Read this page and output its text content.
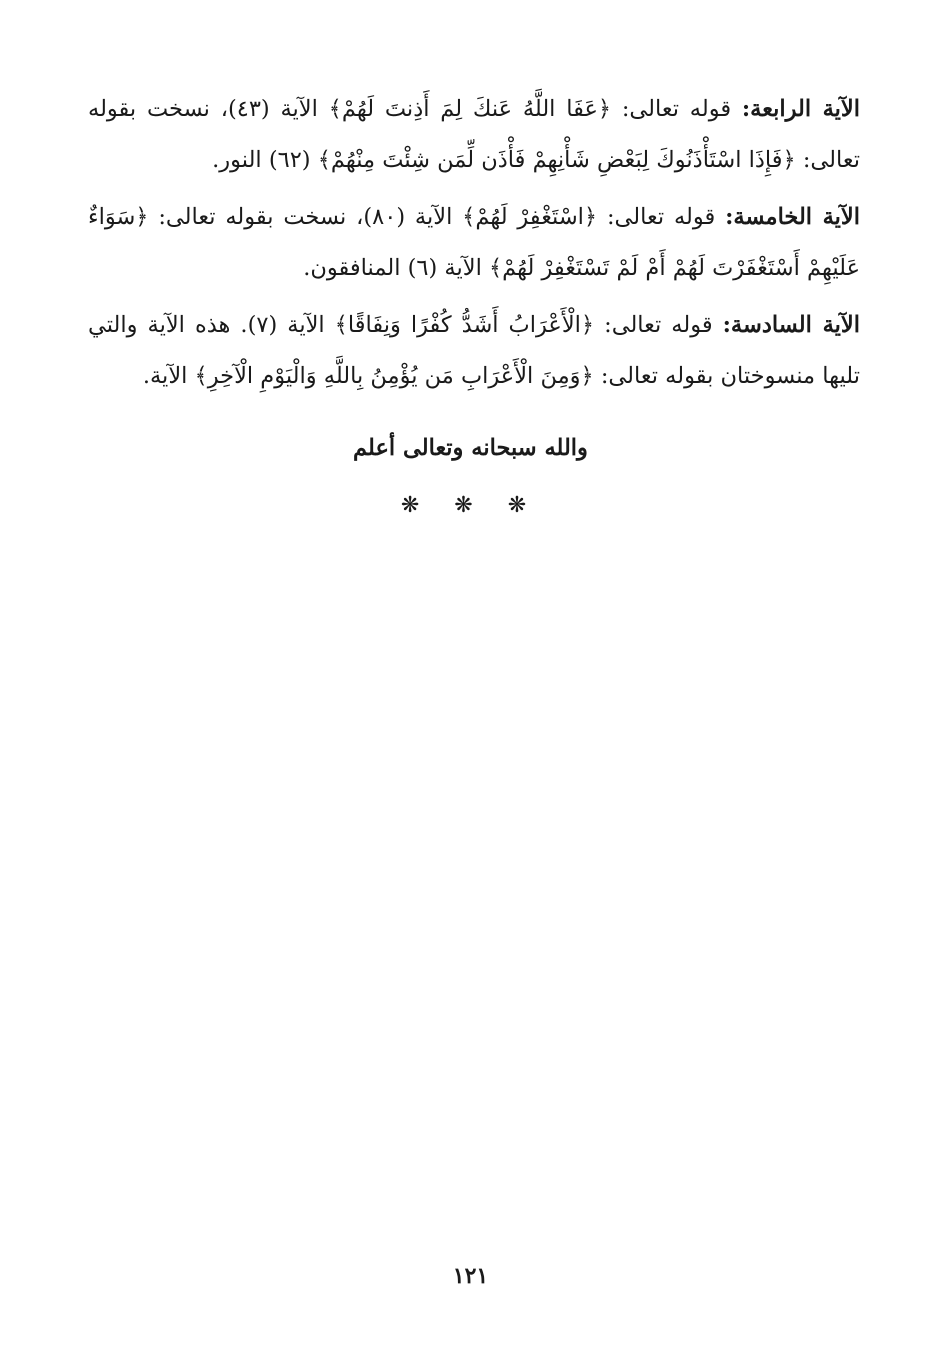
الآية الرابعة: قوله تعالى: ﴿عَفَا اللَّهُ عَنكَ لِمَ أَذِنتَ لَهُمْ﴾ الآية (٤٣)، نسخت بقوله تعالى: ﴿فَإِذَا اسْتَأْذَنُوكَ لِبَعْضِ شَأْنِهِمْ فَأْذَن لِّمَن شِئْتَ مِنْهُمْ﴾ (٦٢) النور.

الآية الخامسة: قوله تعالى: ﴿اسْتَغْفِرْ لَهُمْ﴾ الآية (٨٠)، نسخت بقوله تعالى: ﴿سَوَاءٌ عَلَيْهِمْ أَسْتَغْفَرْتَ لَهُمْ أَمْ لَمْ تَسْتَغْفِرْ لَهُمْ﴾ الآية (٦) المنافقون.

الآية السادسة: قوله تعالى: ﴿الْأَعْرَابُ أَشَدُّ كُفْرًا وَنِفَاقًا﴾ الآية (٧). هذه الآية والتي تليها منسوختان بقوله تعالى: ﴿وَمِنَ الْأَعْرَابِ مَن يُؤْمِنُ بِاللَّهِ وَالْيَوْمِ الْآخِرِ﴾ الآية.

والله سبحانه وتعالى أعلم
❋ ❋ ❋
١٢١
